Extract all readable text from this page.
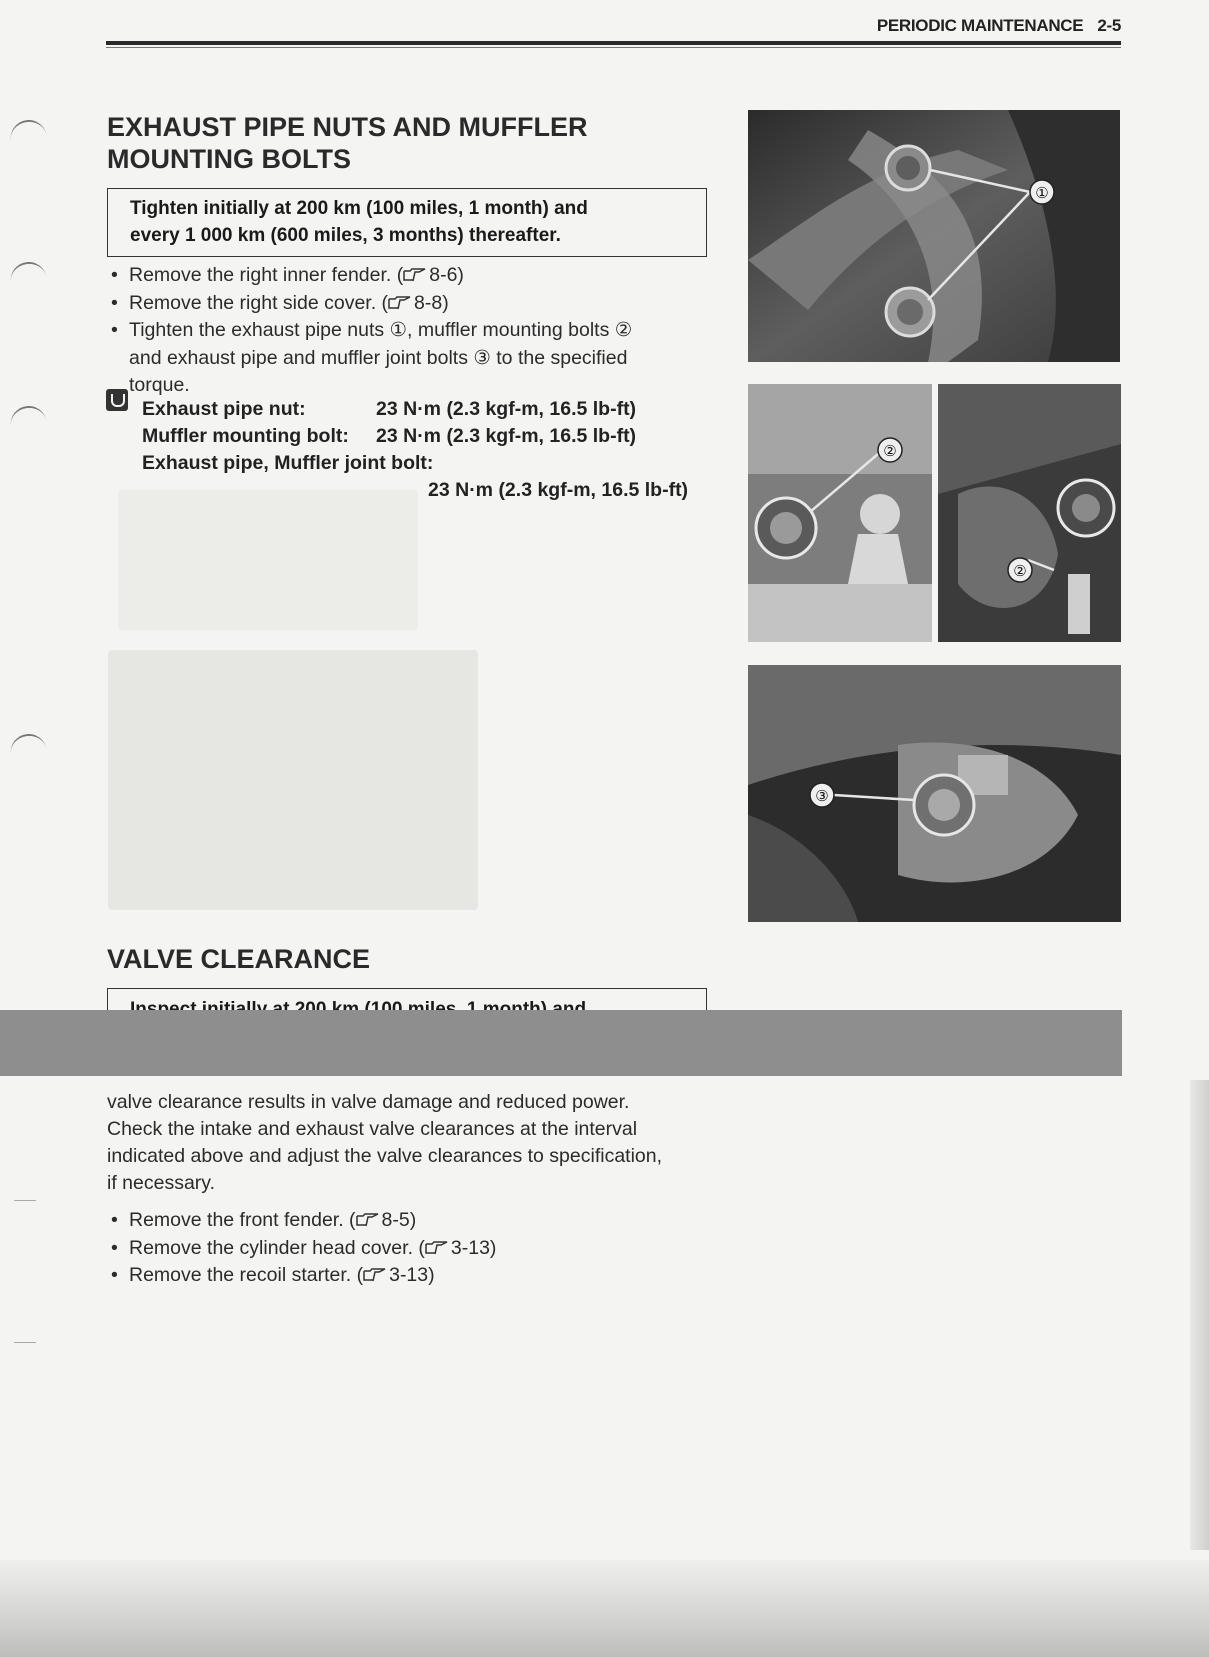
PERIODIC MAINTENANCE 2-5
EXHAUST PIPE NUTS AND MUFFLER
MOUNTING BOLTS
Tighten initially at 200 km (100 miles, 1 month) and
every 1 000 km (600 miles, 3 months) thereafter.
• Remove the right inner fender. ( 8-6)
• Remove the right side cover. ( 8-8)
• Tighten the exhaust pipe nuts ①, muffler mounting bolts ②
and exhaust pipe and muffler joint bolts ③ to the specified
torque.
Exhaust pipe nut:	23 N·m (2.3 kgf-m, 16.5 lb-ft)
Muffler mounting bolt: 23 N·m (2.3 kgf-m, 16.5 lb-ft)
Exhaust pipe, Muffler joint bolt:
23 N·m (2.3 kgf-m, 16.5 lb-ft)
①
②
②
③
VALVE CLEARANCE

valve clearance results in valve damage and reduced power.
Check the intake and exhaust valve clearances at the interval
indicated above and adjust the valve clearances to specification,
if necessary.

• Remove the front fender. ( 8-5)
• Remove the cylinder head cover. ( 3-13)
• Remove the recoil starter. ( 3-13)
